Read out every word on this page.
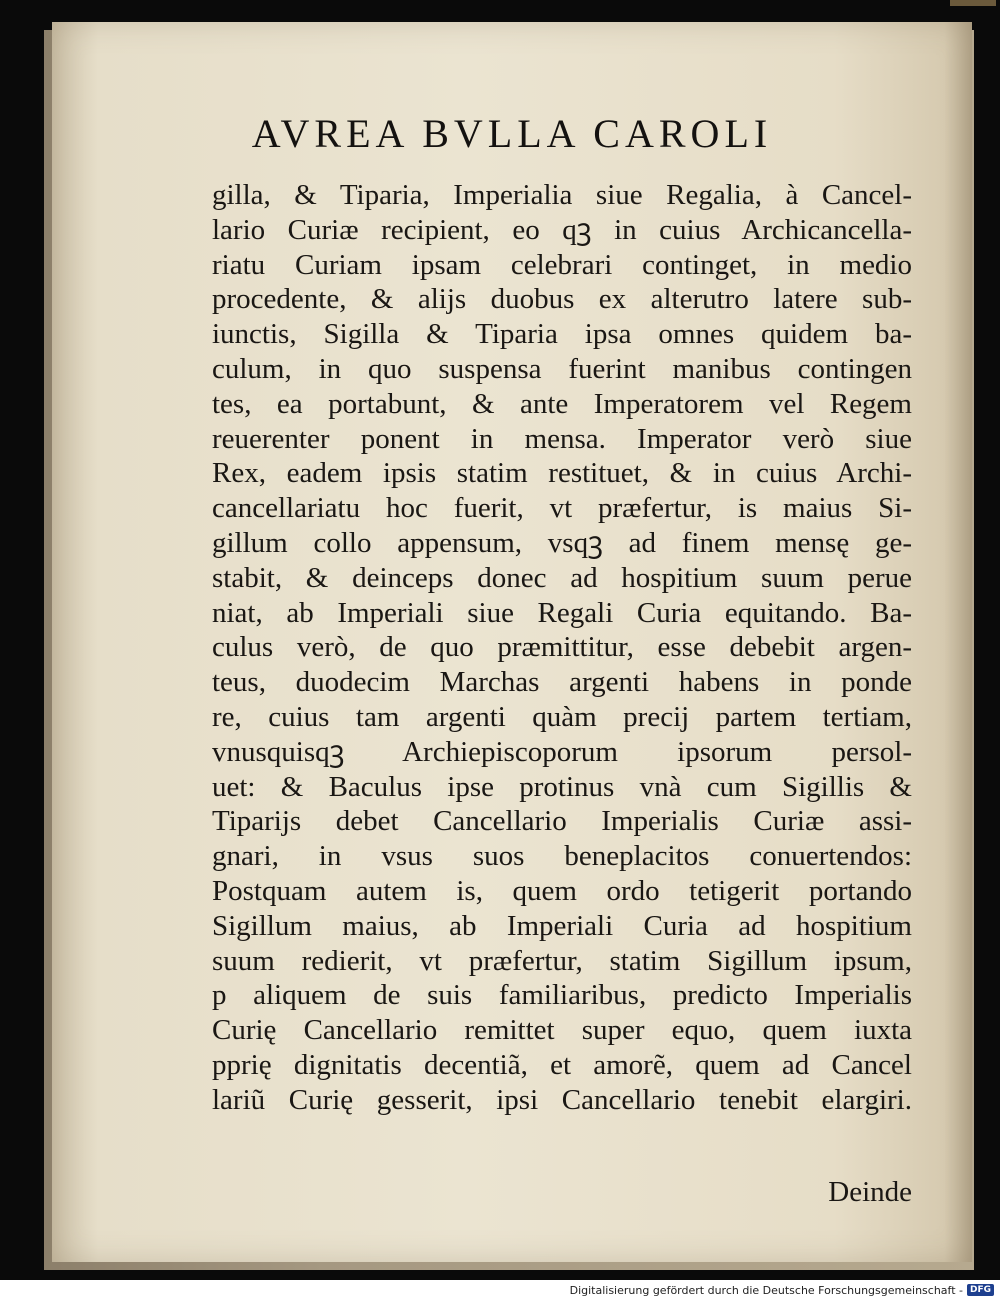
AVREA BVLLA CAROLI
gilla, & Tiparia, Imperialia siue Regalia, à Cancel-
lario Curiæ recipient, eo qꝫ in cuius Archicancella-
riatu Curiam ipsam celebrari continget, in medio
procedente, & alijs duobus ex alterutro latere sub-
iunctis, Sigilla & Tiparia ipsa omnes quidem ba-
culum, in quo suspensa fuerint manibus contingen
tes, ea portabunt, & ante Imperatorem vel Regem
reuerenter ponent in mensa. Imperator verò siue
Rex, eadem ipsis statim restituet, & in cuius Archi-
cancellariatu hoc fuerit, vt præfertur, is maius Si-
gillum collo appensum, vsqꝫ ad finem mensę ge-
stabit, & deinceps donec ad hospitium suum perue
niat, ab Imperiali siue Regali Curia equitando. Ba-
culus verò, de quo præmittitur, esse debebit argen-
teus, duodecim Marchas argenti habens in ponde
re, cuius tam argenti quàm precij partem tertiam,
vnusquisqꝫ Archiepiscoporum ipsorum persol-
uet: & Baculus ipse protinus vnà cum Sigillis &
Tiparijs debet Cancellario Imperialis Curiæ assi-
gnari, in vsus suos beneplacitos conuertendos:
Postquam autem is, quem ordo tetigerit portando
Sigillum maius, ab Imperiali Curia ad hospitium
suum redierit, vt præfertur, statim Sigillum ipsum,
p aliquem de suis familiaribus, predicto Imperialis
Curię Cancellario remittet super equo, quem iuxta
pprię dignitatis decentiã, et amorẽ, quem ad Cancel
lariũ Curię gesserit, ipsi Cancellario tenebit elargiri.
Deinde
Digitalisierung gefördert durch die Deutsche Forschungsgemeinschaft - DFG
